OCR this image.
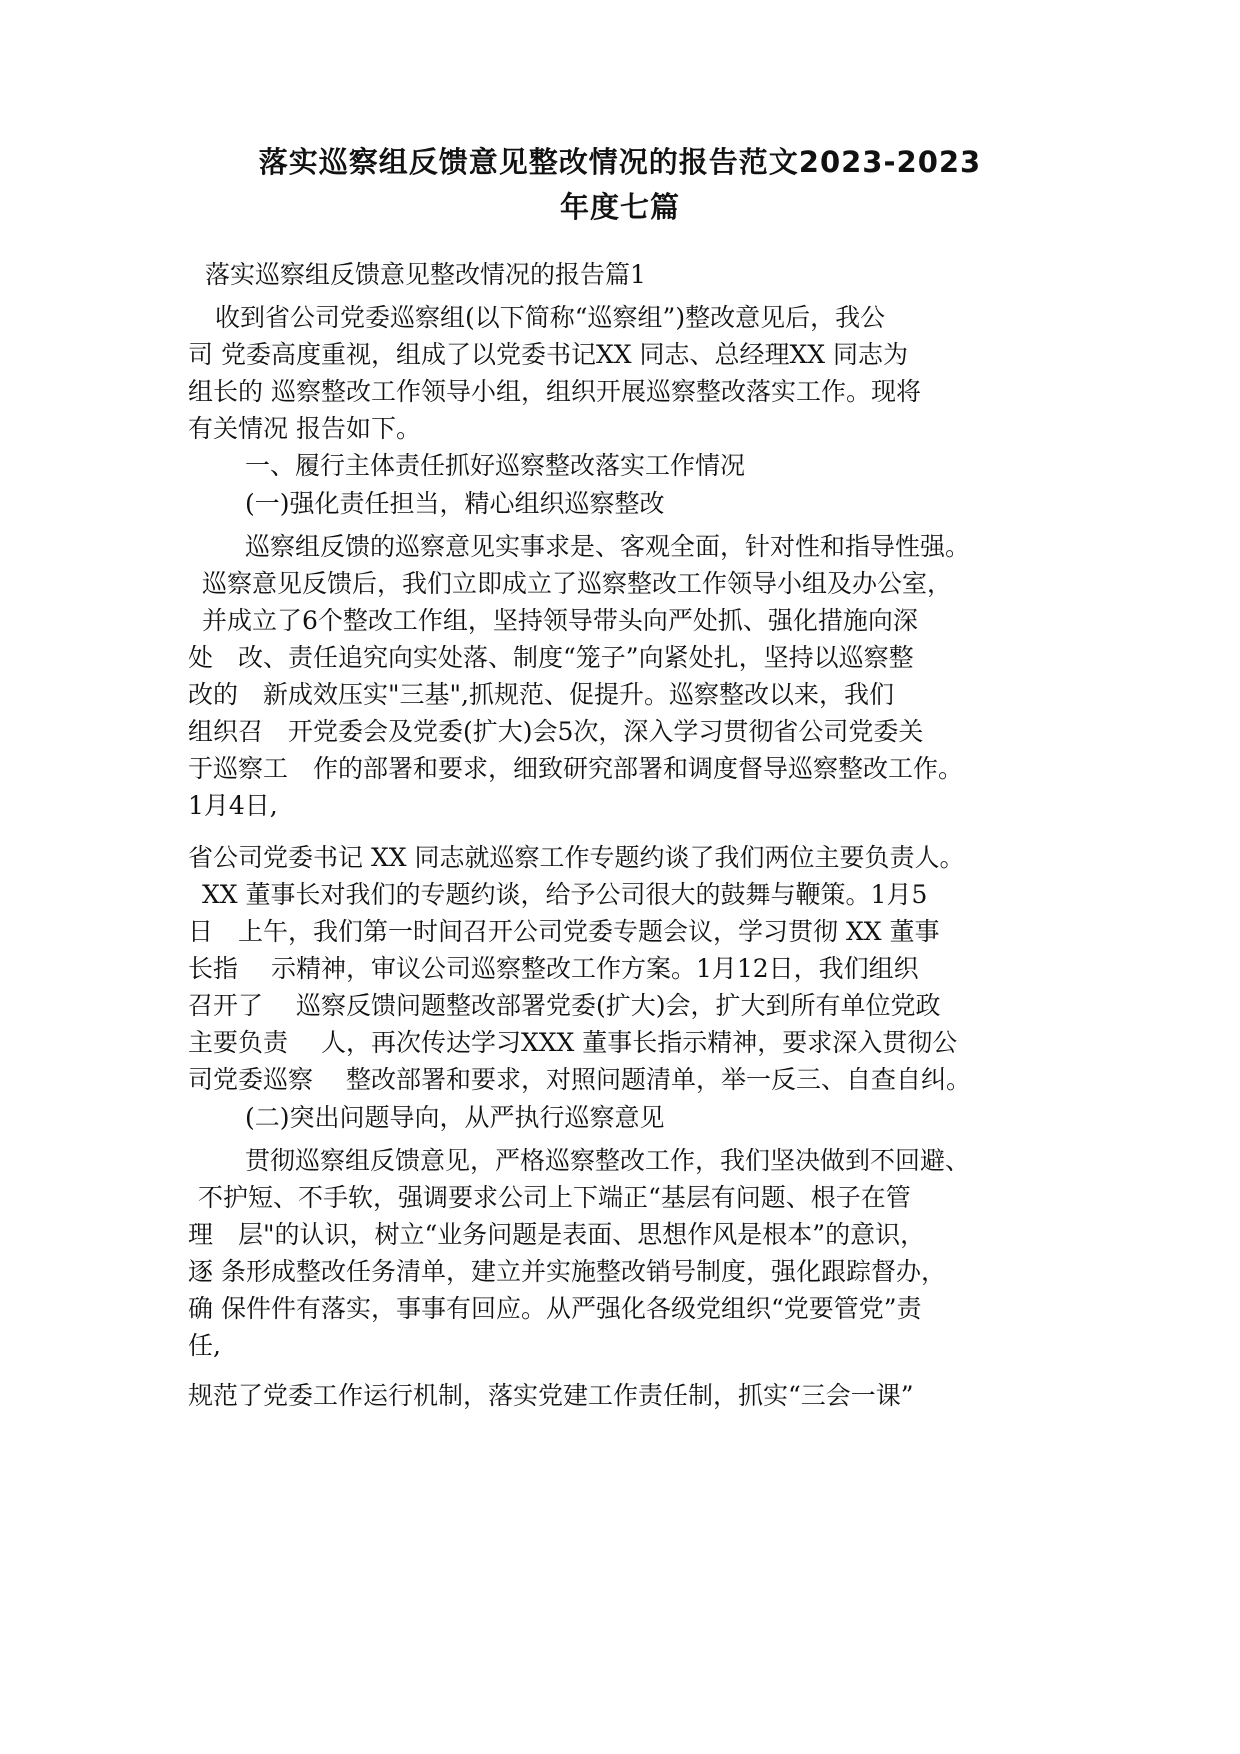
落实巡察组反馈意见整改情况的报告范文2023-2023
年度七篇
落实巡察组反馈意见整改情况的报告篇1
收到省公司党委巡察组(以下简称“巡察组”)整改意见后，我公
司 党委高度重视，组成了以党委书记XX 同志、总经理XX 同志为
组长的 巡察整改工作领导小组，组织开展巡察整改落实工作。现将
有关情况 报告如下。
一、履行主体责任抓好巡察整改落实工作情况
(一)强化责任担当，精心组织巡察整改
巡察组反馈的巡察意见实事求是、客观全面，针对性和指导性强。
巡察意见反馈后，我们立即成立了巡察整改工作领导小组及办公室，
并成立了6个整改工作组，坚持领导带头向严处抓、强化措施向深
处　改、责任追究向实处落、制度“笼子”向紧处扎，坚持以巡察整
改的　新成效压实"三基",抓规范、促提升。巡察整改以来，我们
组织召　开党委会及党委(扩大)会5次，深入学习贯彻省公司党委关
于巡察工　作的部署和要求，细致研究部署和调度督导巡察整改工作。
1月4日,
省公司党委书记 XX 同志就巡察工作专题约谈了我们两位主要负责人。
XX 董事长对我们的专题约谈，给予公司很大的鼓舞与鞭策。1月5
日　上午，我们第一时间召开公司党委专题会议，学习贯彻 XX 董事
长指　 示精神，审议公司巡察整改工作方案。1月12日，我们组织
召开了　 巡察反馈问题整改部署党委(扩大)会，扩大到所有单位党政
主要负责　 人，再次传达学习XXX 董事长指示精神，要求深入贯彻公
司党委巡察　 整改部署和要求，对照问题清单，举一反三、自查自纠。
(二)突出问题导向，从严执行巡察意见
贯彻巡察组反馈意见，严格巡察整改工作，我们坚决做到不回避、
不护短、不手软，强调要求公司上下端正“基层有问题、根子在管
理　层"的认识，树立“业务问题是表面、思想作风是根本”的意识，
逐 条形成整改任务清单，建立并实施整改销号制度，强化跟踪督办，
确 保件件有落实，事事有回应。从严强化各级党组织“党要管党”责
任,
规范了党委工作运行机制，落实党建工作责任制，抓实“三会一课”
